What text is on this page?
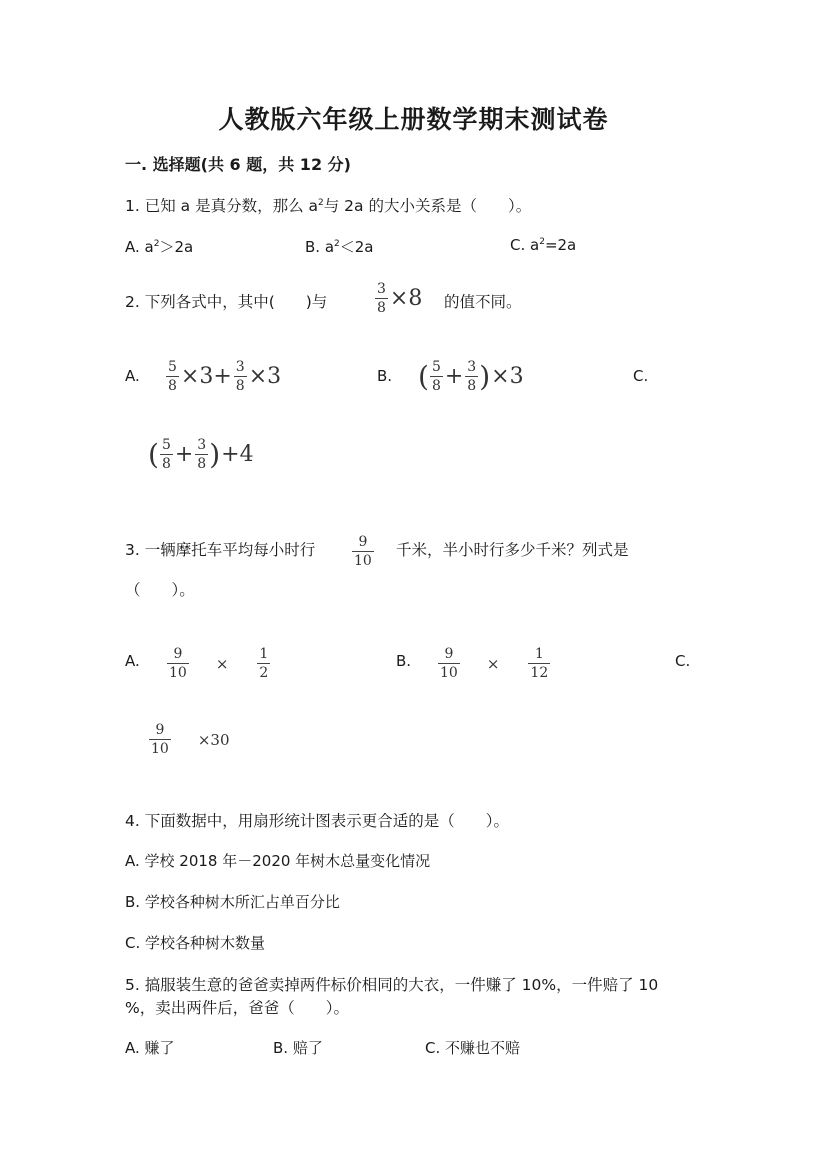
人教版六年级上册数学期末测试卷
一. 选择题(共 6 题，共 12 分)
1. 已知 a 是真分数，那么 $a^2$与 2a 的大小关系是（　　）。
A. $a^2>2a$	B. $a^2<2a$	C. $a^2=2a$
2. 下列各式中，其中(　　)与	$\frac{3}{8} \times 8$ 的值不同。
A. $\frac{5}{8} \times 3+ \frac{3}{8} \times 3$	B. ( $\frac{5}{8} + \frac{3}{8}$ ) ×3	C.
( $\frac{5}{8} + \frac{3}{8}$ ) +4
3. 一辆摩托车平均每小时行	$\frac{9}{10}$ 千米，半小时行多少千米？列式是
（　　）。
A. $\frac{9}{10} \times \frac{1}{2}$	B. $\frac{9}{10} \times \frac{1}{12}$	C.
$\frac{9}{10} \times 30$
4. 下面数据中，用扇形统计图表示更合适的是（　　）。
A. 学校 2018 年－2020 年树木总量变化情况
B. 学校各种树木所汇占单百分比
C. 学校各种树木数量
5. 搞服装生意的爸爸卖掉两件标价相同的大衣，一件赚了 10%，一件赔了 10
%，卖出两件后，爸爸（　　）。
A. 赚了	B. 赔了	C. 不赚也不赔
